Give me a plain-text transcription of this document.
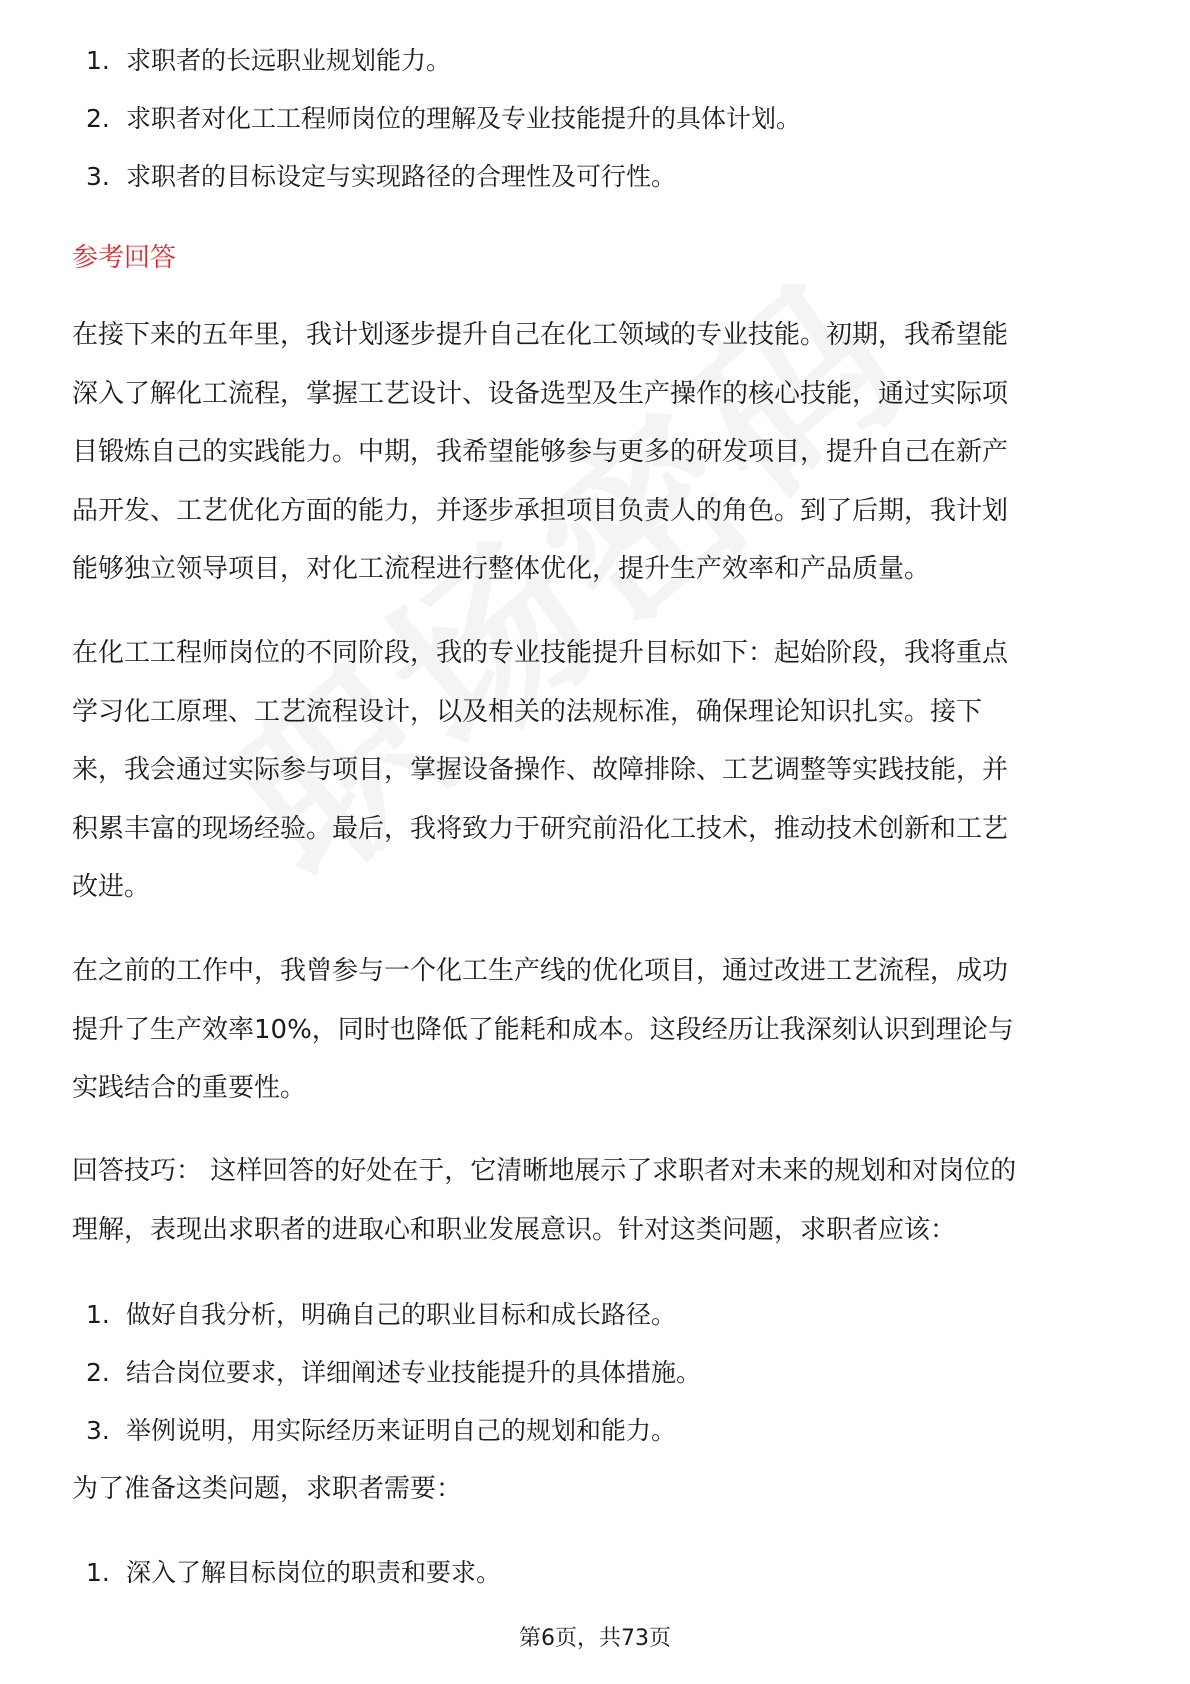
1. 求职者的长远职业规划能力。
2. 求职者对化工工程师岗位的理解及专业技能提升的具体计划。
3. 求职者的目标设定与实现路径的合理性及可行性。
参考回答

在接下来的五年里，我计划逐步提升自己在化工领域的专业技能。初期，我希望能
深入了解化工流程，掌握工艺设计、设备选型及生产操作的核心技能，通过实际项
目锻炼自己的实践能力。中期，我希望能够参与更多的研发项目，提升自己在新产
品开发、工艺优化方面的能力，并逐步承担项目负责人的角色。到了后期，我计划
能够独立领导项目，对化工流程进行整体优化，提升生产效率和产品质量。

在化工工程师岗位的不同阶段，我的专业技能提升目标如下：起始阶段，我将重点
学习化工原理、工艺流程设计，以及相关的法规标准，确保理论知识扎实。接下
来，我会通过实际参与项目，掌握设备操作、故障排除、工艺调整等实践技能，并
积累丰富的现场经验。最后，我将致力于研究前沿化工技术，推动技术创新和工艺
改进。

在之前的工作中，我曾参与一个化工生产线的优化项目，通过改进工艺流程，成功
提升了生产效率10%，同时也降低了能耗和成本。这段经历让我深刻认识到理论与
实践结合的重要性。

回答技巧： 这样回答的好处在于，它清晰地展示了求职者对未来的规划和对岗位的
理解，表现出求职者的进取心和职业发展意识。针对这类问题，求职者应该：

1. 做好自我分析，明确自己的职业目标和成长路径。
2. 结合岗位要求，详细阐述专业技能提升的具体措施。
3. 举例说明，用实际经历来证明自己的规划和能力。

为了准备这类问题，求职者需要：

1. 深入了解目标岗位的职责和要求。
第6页，共73页
